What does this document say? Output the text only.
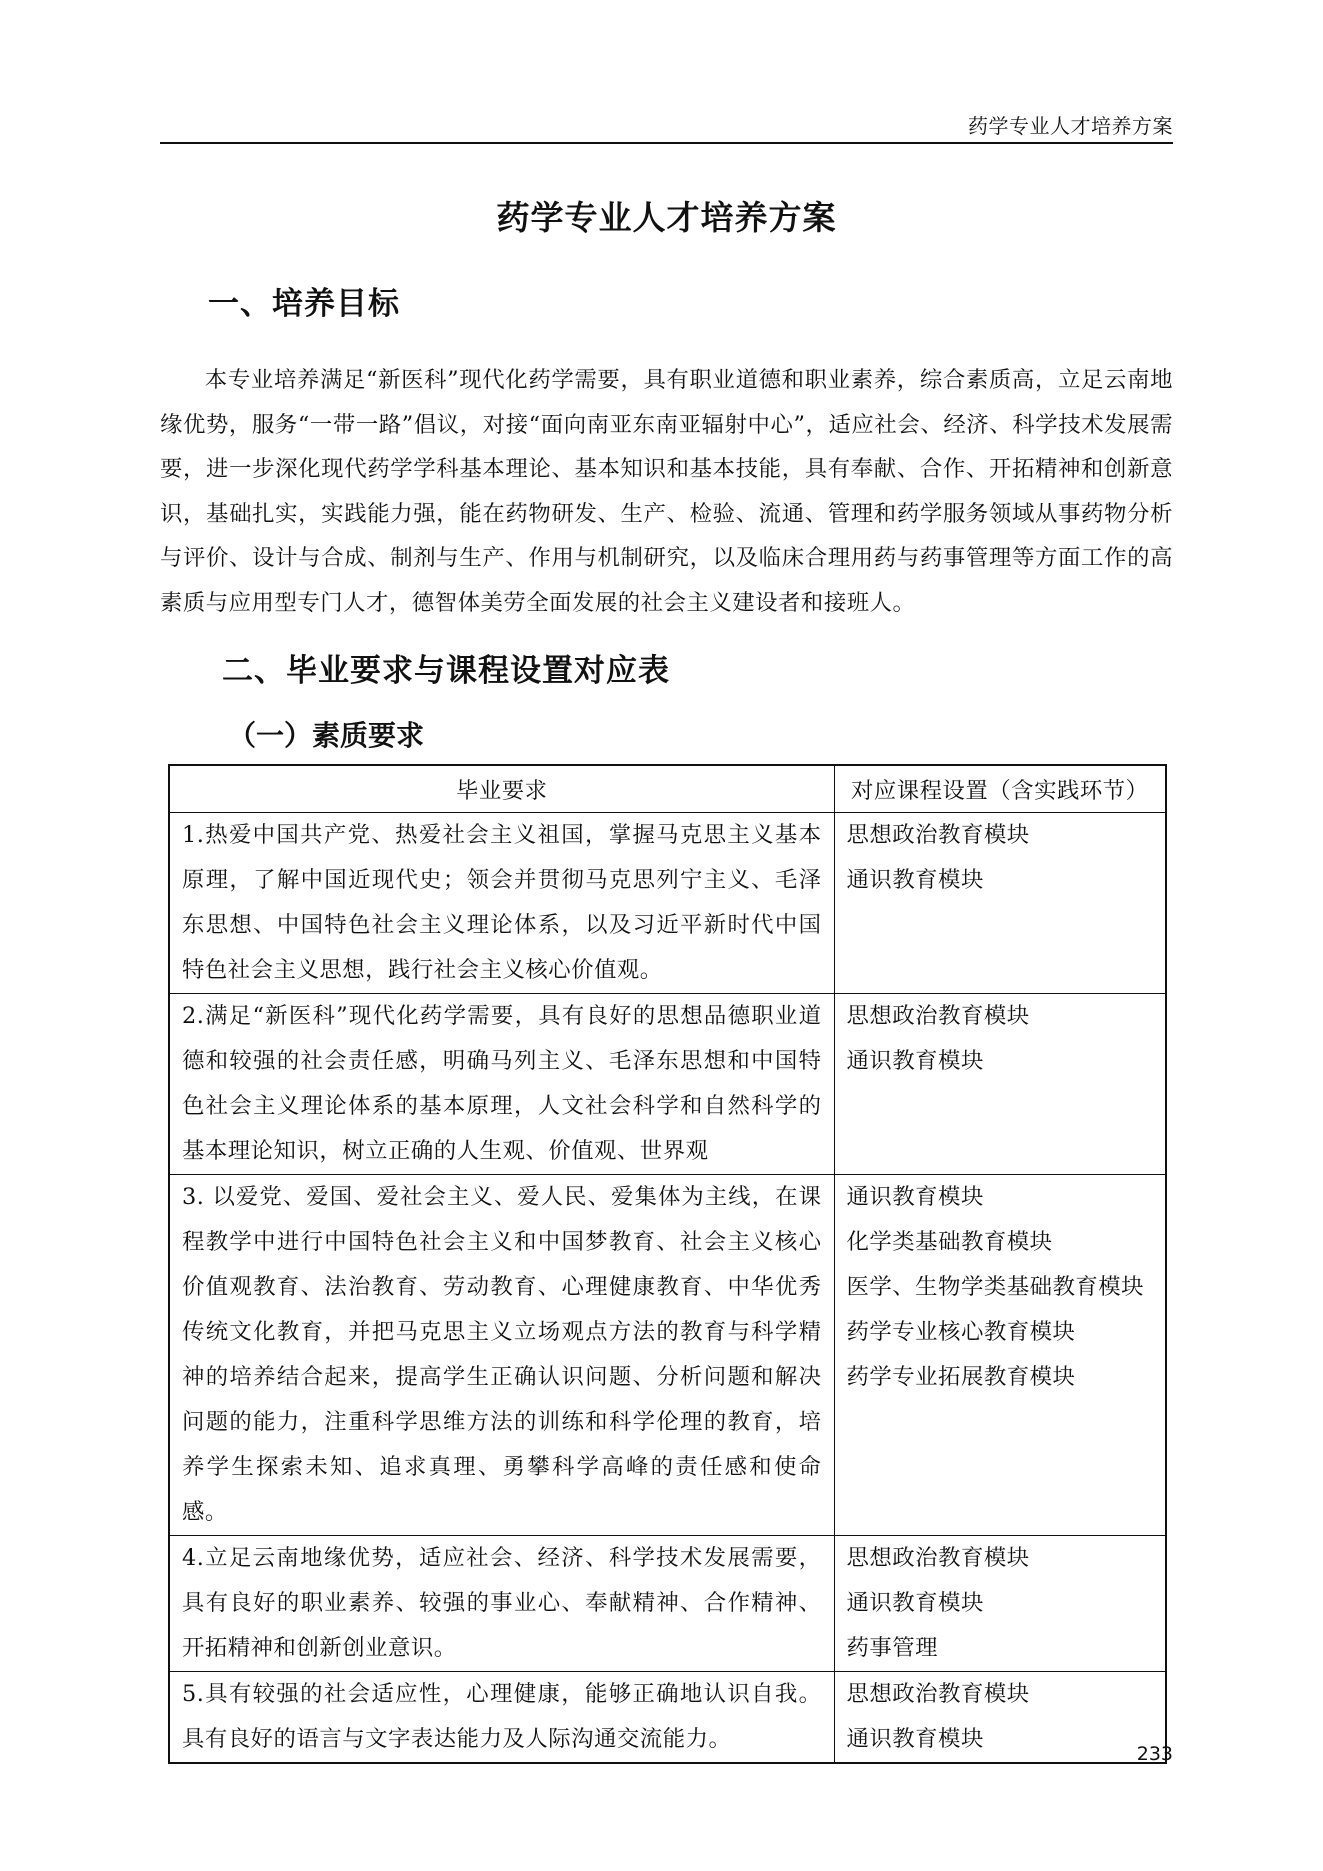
药学专业人才培养方案
药学专业人才培养方案
一、培养目标

本专业培养满足“新医科”现代化药学需要，具有职业道德和职业素养，综合素质高，立足云南地缘优势，服务“一带一路”倡议，对接“面向南亚东南亚辐射中心”，适应社会、经济、科学技术发展需要，进一步深化现代药学学科基本理论、基本知识和基本技能，具有奉献、合作、开拓精神和创新意识，基础扎实，实践能力强，能在药物研发、生产、检验、流通、管理和药学服务领域从事药物分析与评价、设计与合成、制剂与生产、作用与机制研究，以及临床合理用药与药事管理等方面工作的高素质与应用型专门人才，德智体美劳全面发展的社会主义建设者和接班人。

二、毕业要求与课程设置对应表
（一）素质要求
毕业要求	对应课程设置（含实践环节）
1.热爱中国共产党、热爱社会主义祖国，掌握马克思主义基本原理，了解中国近现代史；领会并贯彻马克思列宁主义、毛泽东思想、中国特色社会主义理论体系，以及习近平新时代中国特色社会主义思想，践行社会主义核心价值观。	思想政治教育模块
通识教育模块

2.满足“新医科”现代化药学需要，具有良好的思想品德职业道德和较强的社会责任感，明确马列主义、毛泽东思想和中国特色社会主义理论体系的基本原理，人文社会科学和自然科学的基本理论知识，树立正确的人生观、价值观、世界观	思想政治教育模块
通识教育模块

3. 以爱党、爱国、爱社会主义、爱人民、爱集体为主线，在课程教学中进行中国特色社会主义和中国梦教育、社会主义核心价值观教育、法治教育、劳动教育、心理健康教育、中华优秀传统文化教育，并把马克思主义立场观点方法的教育与科学精神的培养结合起来，提高学生正确认识问题、分析问题和解决问题的能力，注重科学思维方法的训练和科学伦理的教育，培养学生探索未知、追求真理、勇攀科学高峰的责任感和使命感。	通识教育模块
化学类基础教育模块
医学、生物学类基础教育模块
药学专业核心教育模块
药学专业拓展教育模块

4.立足云南地缘优势，适应社会、经济、科学技术发展需要，具有良好的职业素养、较强的事业心、奉献精神、合作精神、开拓精神和创新创业意识。	思想政治教育模块
通识教育模块
药事管理

5.具有较强的社会适应性，心理健康，能够正确地认识自我。具有良好的语言与文字表达能力及人际沟通交流能力。	思想政治教育模块
通识教育模块
233
